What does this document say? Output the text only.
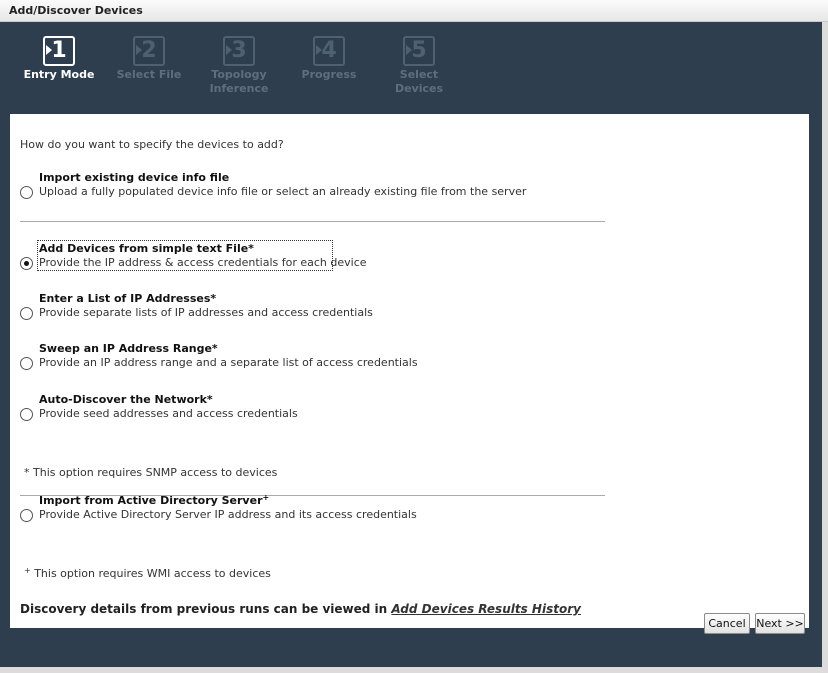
Add/Discover Devices
1
Entry Mode
2
Select File
3
Topology Inference
4
Progress
5
Select Devices
How do you want to specify the devices to add?
Import existing device info file
Upload a fully populated device info file or select an already existing file from the server
Add Devices from simple text File*
Provide the IP address & access credentials for each device
Enter a List of IP Addresses*
Provide separate lists of IP addresses and access credentials
Sweep an IP Address Range*
Provide an IP address range and a separate list of access credentials
Auto-Discover the Network*
Provide seed addresses and access credentials
* This option requires SNMP access to devices
Import from Active Directory Server+
Provide Active Directory Server IP address and its access credentials
+ This option requires WMI access to devices
Discovery details from previous runs can be viewed in Add Devices Results History
Cancel Next >>
